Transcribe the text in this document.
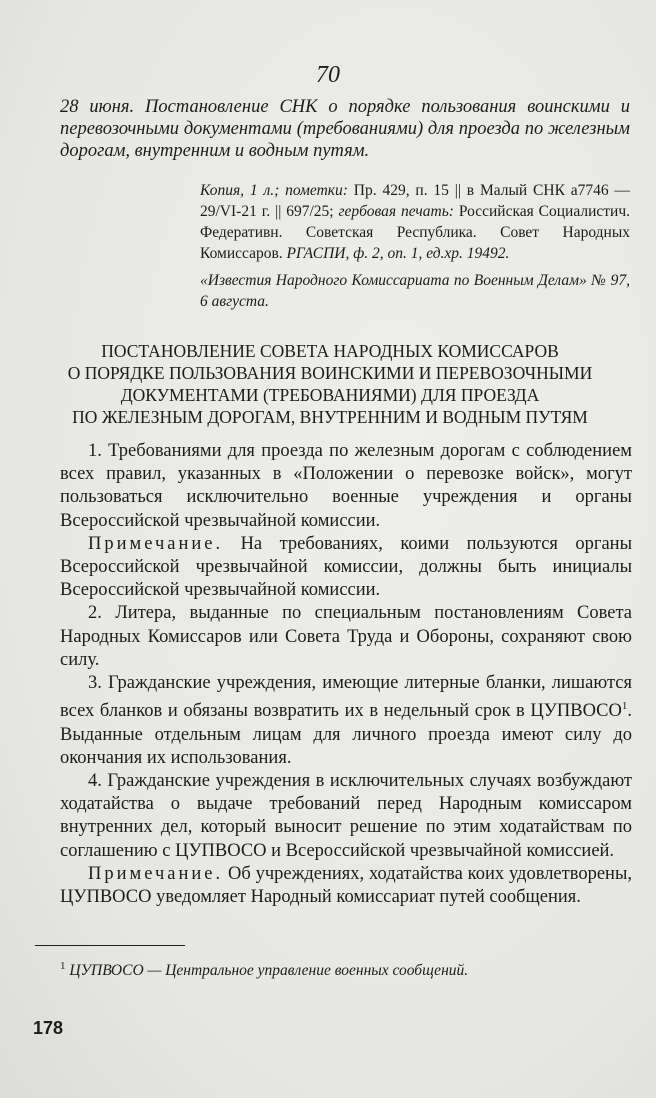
70
28 июня. Постановление СНК о порядке пользования воинскими и перевозочными документами (требованиями) для проезда по железным дорогам, внутренним и водным путям.
Копия, 1 л.; пометки: Пр. 429, п. 15 || в Малый СНК а7746 — 29/VI-21 г. || 697/25; гербовая печать: Российская Социалистич. Федеративн. Советская Республика. Совет Народных Комиссаров. РГАСПИ, ф. 2, оп. 1, ед.хр. 19492.
«Известия Народного Комиссариата по Военным Делам» № 97, 6 августа.
ПОСТАНОВЛЕНИЕ СОВЕТА НАРОДНЫХ КОМИССАРОВ
О ПОРЯДКЕ ПОЛЬЗОВАНИЯ ВОИНСКИМИ И ПЕРЕВОЗОЧНЫМИ
ДОКУМЕНТАМИ (ТРЕБОВАНИЯМИ) ДЛЯ ПРОЕЗДА
ПО ЖЕЛЕЗНЫМ ДОРОГАМ, ВНУТРЕННИМ И ВОДНЫМ ПУТЯМ

1. Требованиями для проезда по железным дорогам с соблюдением всех правил, указанных в «Положении о перевозке войск», могут пользоваться исключительно военные учреждения и органы Всероссийской чрезвычайной комиссии.

Примечание. На требованиях, коими пользуются органы Всероссийской чрезвычайной комиссии, должны быть инициалы Всероссийской чрезвычайной комиссии.

2. Литера, выданные по специальным постановлениям Совета Народных Комиссаров или Совета Труда и Обороны, сохраняют свою силу.

3. Гражданские учреждения, имеющие литерные бланки, лишаются всех бланков и обязаны возвратить их в недельный срок в ЦУПВОСО$^1$. Выданные отдельным лицам для личного проезда имеют силу до окончания их использования.

4. Гражданские учреждения в исключительных случаях возбуждают ходатайства о выдаче требований перед Народным комиссаром внутренних дел, который выносит решение по этим ходатайствам по соглашению с ЦУПВОСО и Всероссийской чрезвычайной комиссией.

Примечание. Об учреждениях, ходатайства коих удовлетворены, ЦУПВОСО уведомляет Народный комиссариат путей сообщения.

$^1$ ЦУПВОСО — Центральное управление военных сообщений.
178
